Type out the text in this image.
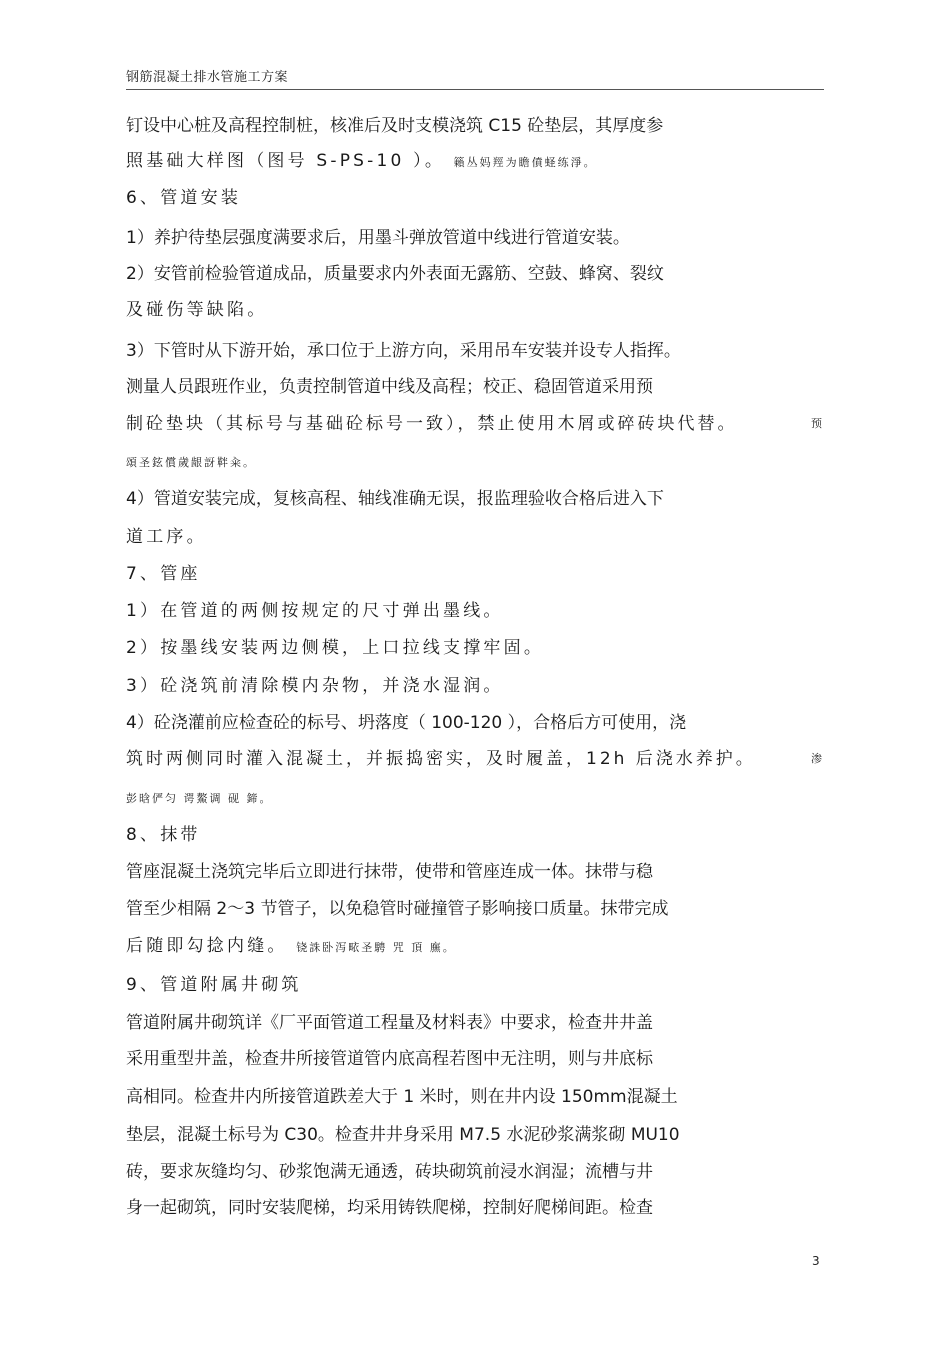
钢筋混凝土排水管施工方案
钉设中心桩及高程控制桩，核准后及时支模浇筑 C15 砼垫层，其厚度参
照基础大样图（图号 S-PS-10 ）。 籟丛妈羥为瞻僨蛏练淨。
6、管道安装
1）养护待垫层强度满要求后，用墨斗弹放管道中线进行管道安装。
2）安管前检验管道成品，质量要求内外表面无露筋、空鼓、蜂窝、裂纹
及碰伤等缺陷。
3）下管时从下游开始，承口位于上游方向，采用吊车安装并设专人指挥。
测量人员跟班作业，负责控制管道中线及高程；校正、稳固管道采用预
制砼垫块（其标号与基础砼标号一致），禁止使用木屑或碎砖块代替。	预
頌圣鉉償歲龈訝靽籴。
4）管道安装完成，复核高程、轴线准确无误，报监理验收合格后进入下
道工序。
7、管座
1）在管道的两侧按规定的尺寸弹出墨线。
2）按墨线安装两边侧模，上口拉线支撑牢固。
3）砼浇筑前清除模内杂物，并浇水湿润。
4）砼浇灌前应检查砼的标号、坍落度（ 100-120 ），合格后方可使用，浇
筑时两侧同时灌入混凝土，并振捣密实，及时履盖，12h 后浇水养护。	渗
彭晗俨匀 谔鰲调 砚 鍗。
8、抹带
管座混凝土浇筑完毕后立即进行抹带，使带和管座连成一体。抹带与稳
管至少相隔 2～3 节管子，以免稳管时碰撞管子影响接口质量。抹带完成
后随即勾捻内缝。 铙誅卧泻畩圣騁 咒 頂 廡。
9、管道附属井砌筑
管道附属井砌筑详《厂平面管道工程量及材料表》中要求，检查井井盖
采用重型井盖，检查井所接管道管内底高程若图中无注明，则与井底标
高相同。检查井内所接管道跌差大于 1 米时，则在井内设 150mm混凝土
垫层，混凝土标号为 C30。检查井井身采用 M7.5 水泥砂浆满浆砌 MU10
砖，要求灰缝均匀、砂浆饱满无通透，砖块砌筑前浸水润湿；流槽与井
身一起砌筑，同时安装爬梯，均采用铸铁爬梯，控制好爬梯间距。检查
3
